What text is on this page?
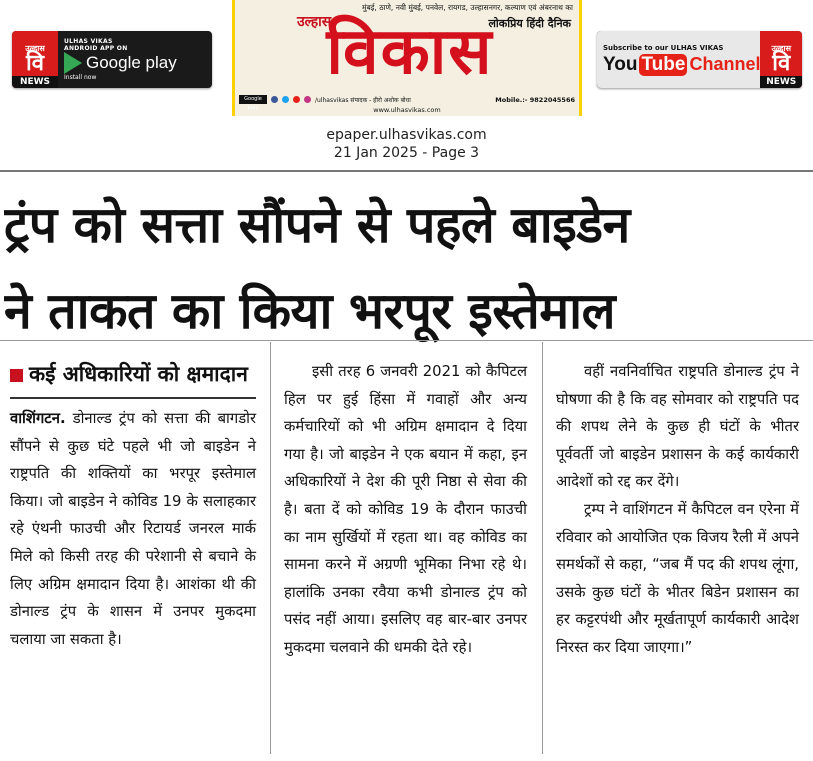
उल्हास
वि
NEWS
ULHAS VIKAS
ANDROID APP ON
Google play
Install now
मुंबई, ठाणे, नवी मुंबई, पनवेल, रायगड, उल्हासनगर, कल्याण एवं अंबरनाथ का
उल्हास	लोकप्रिय हिंदी दैनिक
विकास
Google play
/ulhasvikas संपादक - हीरो अशोक बोधा	Mobile.:- 9822045566
www.ulhasvikas.com
Subscribe to our ULHAS VIKAS
You Tube Channel
उल्हास
वि
NEWS
epaper.ulhasvikas.com
21 Jan 2025 - Page 3
ट्रंप को सत्ता सौंपने से पहले बाइडेन
ने ताकत का किया भरपूर इस्तेमाल
कई अधिकारियों को क्षमादान

वाशिंगटन. डोनाल्ड ट्रंप को सत्ता की बागडोर सौंपने से कुछ घंटे पहले भी जो बाइडेन ने राष्ट्रपति की शक्तियों का भरपूर इस्तेमाल किया। जो बाइडेन ने कोविड 19 के सलाहकार रहे एंथनी फाउची और रिटायर्ड जनरल मार्क मिले को किसी तरह की परेशानी से बचाने के लिए अग्रिम क्षमादान दिया है। आशंका थी की डोनाल्ड ट्रंप के शासन में उनपर मुकदमा चलाया जा सकता है।

इसी तरह 6 जनवरी 2021 को कैपिटल हिल पर हुई हिंसा में गवाहों और अन्य कर्मचारियों को भी अग्रिम क्षमादान दे दिया गया है। जो बाइडेन ने एक बयान में कहा, इन अधिकारियों ने देश की पूरी निष्ठा से सेवा की है। बता दें को कोविड 19 के दौरान फाउची का नाम सुर्खियों में रहता था। वह कोविड का सामना करने में अग्रणी भूमिका निभा रहे थे। हालांकि उनका रवैया कभी डोनाल्ड ट्रंप को पसंद नहीं आया। इसलिए वह बार-बार उनपर मुकदमा चलवाने की धमकी देते रहे।

वहीं नवनिर्वाचित राष्ट्रपति डोनाल्ड ट्रंप ने घोषणा की है कि वह सोमवार को राष्ट्रपति पद की शपथ लेने के कुछ ही घंटों के भीतर पूर्ववर्ती जो बाइडेन प्रशासन के कई कार्यकारी आदेशों को रद्द कर देंगे।

ट्रम्प ने वाशिंगटन में कैपिटल वन एरेना में रविवार को आयोजित एक विजय रैली में अपने समर्थकों से कहा, “जब मैं पद की शपथ लूंगा, उसके कुछ घंटों के भीतर बिडेन प्रशासन का हर कट्टरपंथी और मूर्खतापूर्ण कार्यकारी आदेश निरस्त कर दिया जाएगा।”
